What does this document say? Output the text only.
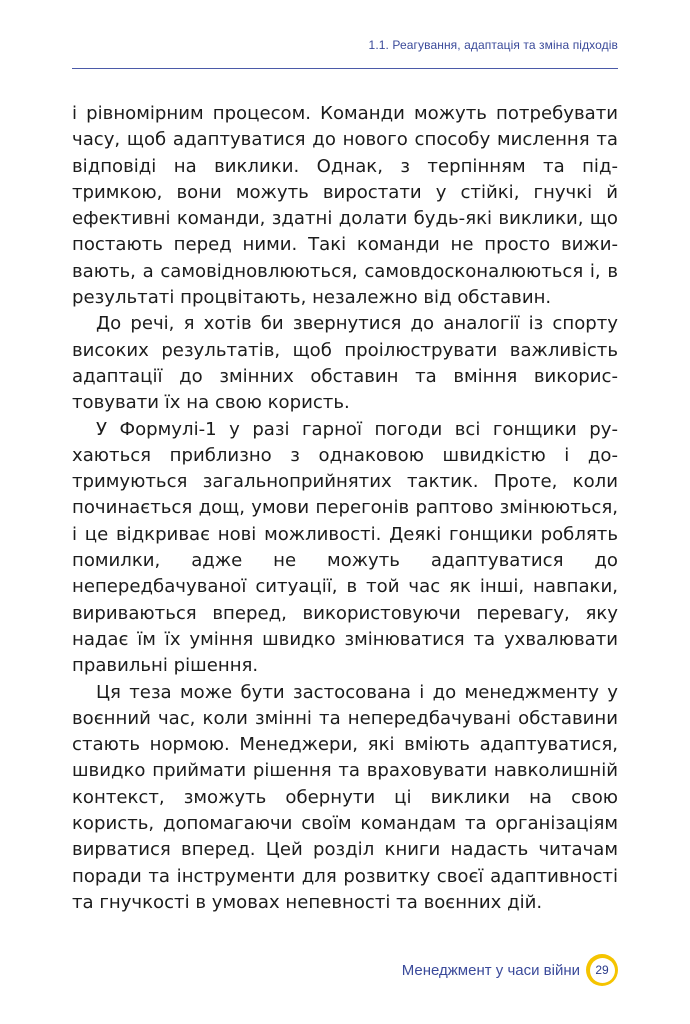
1.1. Реагування, адаптація та зміна підходів

і рівномірним процесом. Команди можуть потребувати часу, щоб адаптуватися до нового способу мислення та відповіді на виклики. Однак, з терпінням та підтримкою, вони можуть виростати у стійкі, гнучкі й ефективні команди, здатні долати будь-які виклики, що постають перед ними. Такі команди не просто виживають, а самовідновлюються, самовдосконалюються і, в результаті процвітають, незалежно від обставин.

До речі, я хотів би звернутися до аналогії із спорту високих результатів, щоб проілюструвати важливість адаптації до змінних обставин та вміння використовувати їх на свою користь.

У Формулі-1 у разі гарної погоди всі гонщики рухаються приблизно з однаковою швидкістю і дотримуються загальноприйнятих тактик. Проте, коли починається дощ, умови перегонів раптово змінюються, і це відкриває нові можливості. Деякі гонщики роблять помилки, адже не можуть адаптуватися до непередбачуваної ситуації, в той час як інші, навпаки, вириваються вперед, використовуючи перевагу, яку надає їм їх уміння швидко змінюватися та ухвалювати правильні рішення.

Ця теза може бути застосована і до менеджменту у воєнний час, коли змінні та непередбачувані обставини стають нормою. Менеджери, які вміють адаптуватися, швидко приймати рішення та враховувати навколишній контекст, зможуть обернути ці виклики на свою користь, допомагаючи своїм командам та організаціям вирватися вперед. Цей розділ книги надасть читачам поради та інструменти для розвитку своєї адаптивності та гнучкості в умовах непевності та воєнних дій.

Менеджмент у часи війни	29
